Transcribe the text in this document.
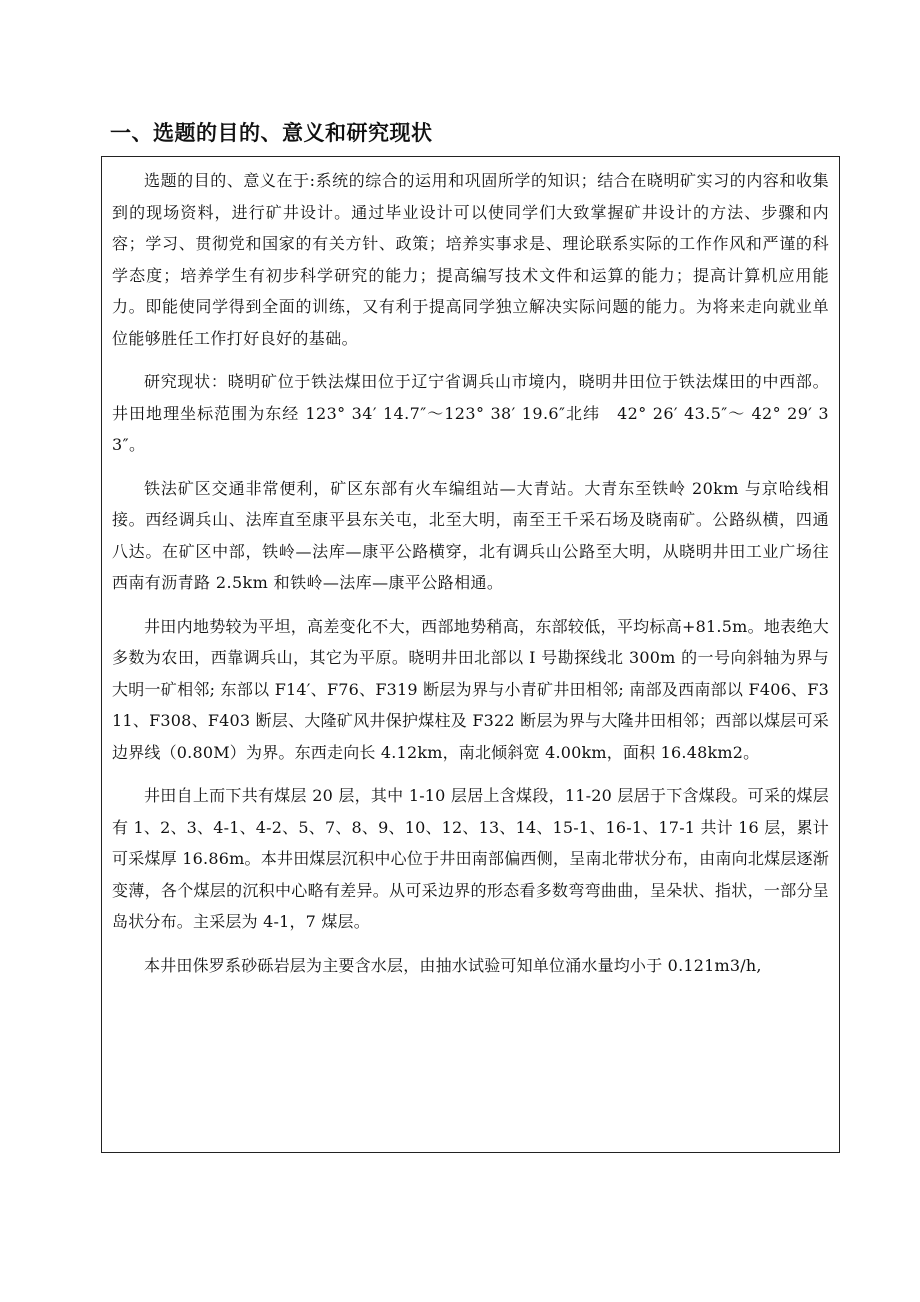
一、选题的目的、意义和研究现状

选题的目的、意义在于:系统的综合的运用和巩固所学的知识；结合在晓明矿实习的内容和收集到的现场资料，进行矿井设计。通过毕业设计可以使同学们大致掌握矿井设计的方法、步骤和内容；学习、贯彻党和国家的有关方针、政策；培养实事求是、理论联系实际的工作作风和严谨的科学态度；培养学生有初步科学研究的能力；提高编写技术文件和运算的能力；提高计算机应用能力。即能使同学得到全面的训练，又有利于提高同学独立解决实际问题的能力。为将来走向就业单位能够胜任工作打好良好的基础。

研究现状：晓明矿位于铁法煤田位于辽宁省调兵山市境内，晓明井田位于铁法煤田的中西部。井田地理坐标范围为东经 123° 34′ 14.7″～123° 38′ 19.6″北纬　42° 26′ 43.5″～ 42° 29′ 33″。

铁法矿区交通非常便利，矿区东部有火车编组站—大青站。大青东至铁岭 20km 与京哈线相接。西经调兵山、法库直至康平县东关屯，北至大明，南至王千采石场及晓南矿。公路纵横，四通八达。在矿区中部，铁岭—法库—康平公路横穿，北有调兵山公路至大明，从晓明井田工业广场往西南有沥青路 2.5km 和铁岭—法库—康平公路相通。

井田内地势较为平坦，高差变化不大，西部地势稍高，东部较低，平均标高+81.5m。地表绝大多数为农田，西靠调兵山，其它为平原。晓明井田北部以 I 号勘探线北 300m 的一号向斜轴为界与大明一矿相邻; 东部以 F14′、F76、F319 断层为界与小青矿井田相邻; 南部及西南部以 F406、F311、F308、F403 断层、大隆矿风井保护煤柱及 F322 断层为界与大隆井田相邻；西部以煤层可采边界线（0.80M）为界。东西走向长 4.12km，南北倾斜宽 4.00km，面积 16.48km2。

井田自上而下共有煤层 20 层，其中 1-10 层居上含煤段，11-20 层居于下含煤段。可采的煤层有 1、2、3、4-1、4-2、5、7、8、9、10、12、13、14、15-1、16-1、17-1 共计 16 层，累计可采煤厚 16.86m。本井田煤层沉积中心位于井田南部偏西侧，呈南北带状分布，由南向北煤层逐渐变薄，各个煤层的沉积中心略有差异。从可采边界的形态看多数弯弯曲曲，呈朵状、指状，一部分呈岛状分布。主采层为 4-1，7 煤层。

本井田侏罗系砂砾岩层为主要含水层，由抽水试验可知单位涌水量均小于 0.121m3/h,
